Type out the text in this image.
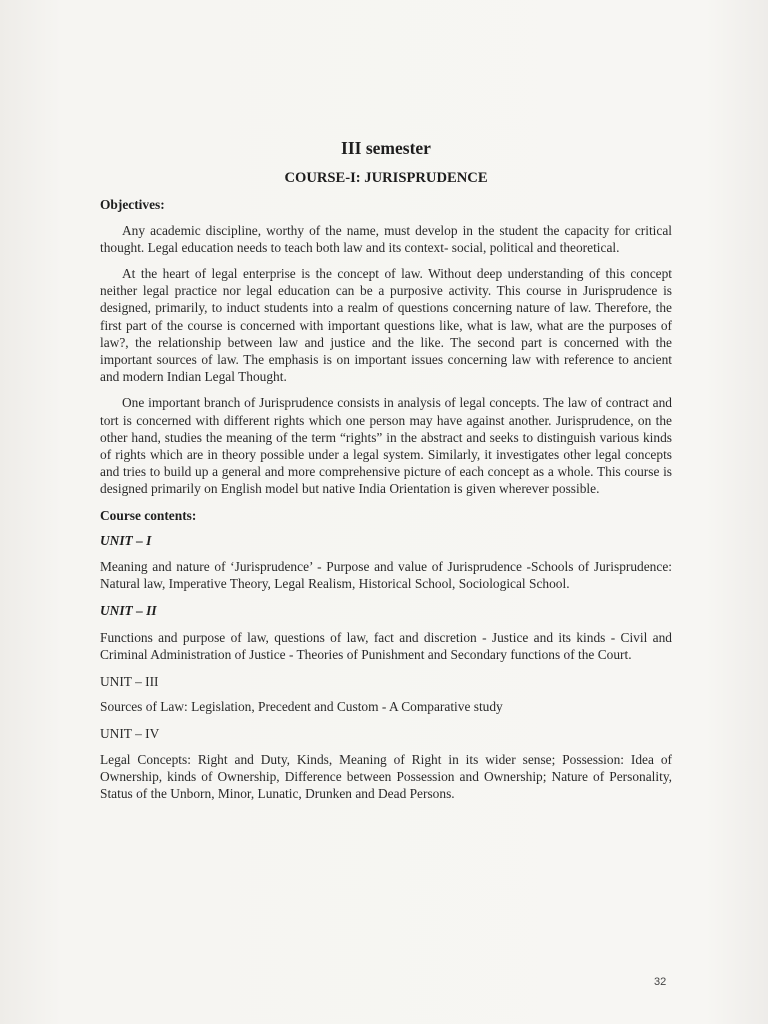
III semester
COURSE-I: JURISPRUDENCE
Objectives:

Any academic discipline, worthy of the name, must develop in the student the capacity for critical thought. Legal education needs to teach both law and its context- social, political and theoretical.

At the heart of legal enterprise is the concept of law. Without deep understanding of this concept neither legal practice nor legal education can be a purposive activity. This course in Jurisprudence is designed, primarily, to induct students into a realm of questions concerning nature of law. Therefore, the first part of the course is concerned with important questions like, what is law, what are the purposes of law?, the relationship between law and justice and the like. The second part is concerned with the important sources of law. The emphasis is on important issues concerning law with reference to ancient and modern Indian Legal Thought.

One important branch of Jurisprudence consists in analysis of legal concepts. The law of contract and tort is concerned with different rights which one person may have against another. Jurisprudence, on the other hand, studies the meaning of the term “rights” in the abstract and seeks to distinguish various kinds of rights which are in theory possible under a legal system. Similarly, it investigates other legal concepts and tries to build up a general and more comprehensive picture of each concept as a whole. This course is designed primarily on English model but native India Orientation is given wherever possible.

Course contents:
UNIT – I

Meaning and nature of ‘Jurisprudence’ - Purpose and value of Jurisprudence -Schools of Jurisprudence: Natural law, Imperative Theory, Legal Realism, Historical School, Sociological School.

UNIT – II

Functions and purpose of law, questions of law, fact and discretion - Justice and its kinds - Civil and Criminal Administration of Justice - Theories of Punishment and Secondary functions of the Court.

UNIT – III

Sources of Law: Legislation, Precedent and Custom - A Comparative study

UNIT – IV

Legal Concepts: Right and Duty, Kinds, Meaning of Right in its wider sense; Possession: Idea of Ownership, kinds of Ownership, Difference between Possession and Ownership; Nature of Personality, Status of the Unborn, Minor, Lunatic, Drunken and Dead Persons.

32
